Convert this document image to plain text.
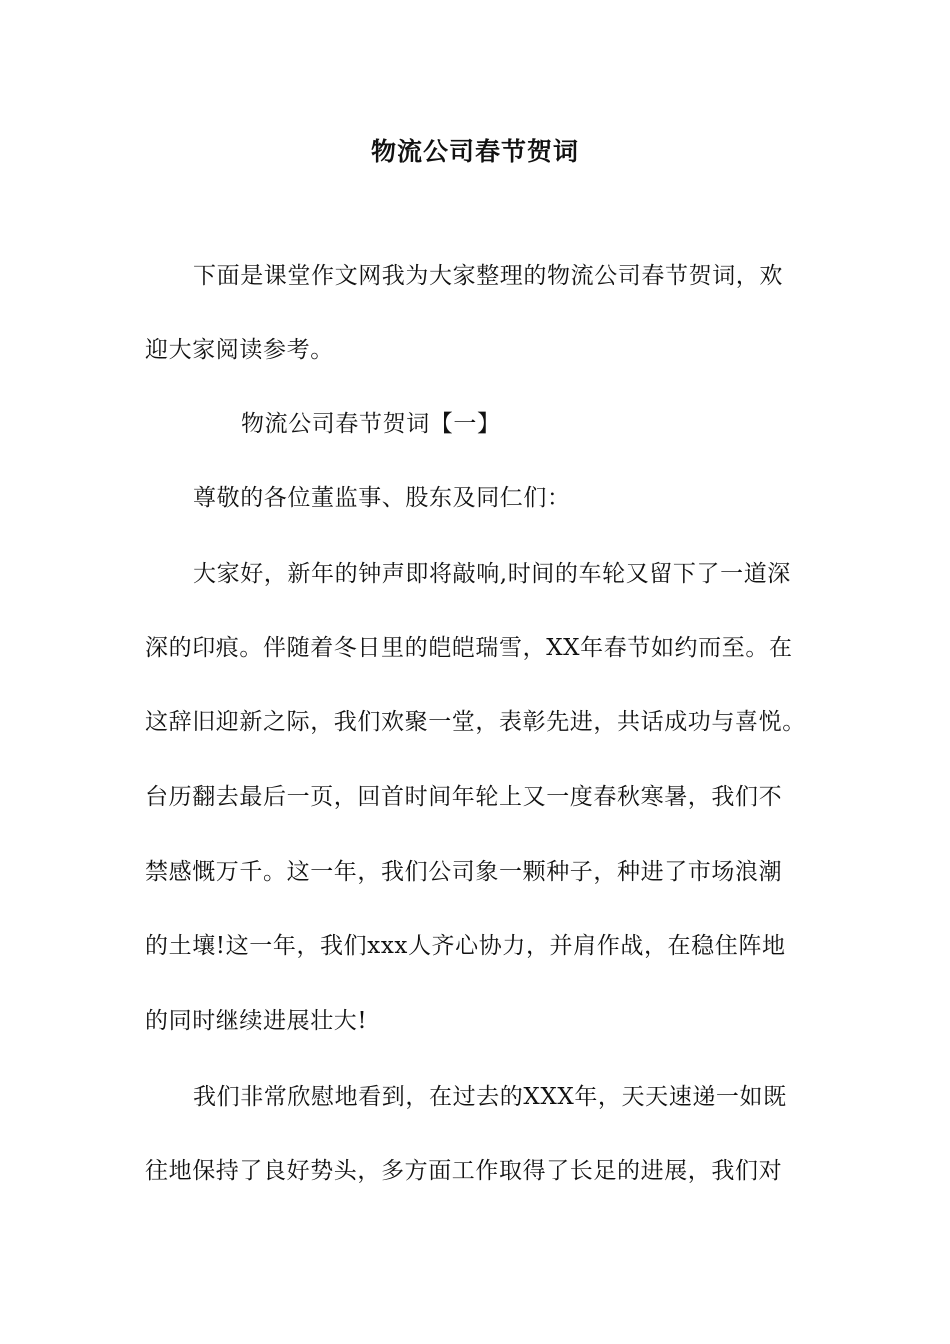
物流公司春节贺词
下面是课堂作文网我为大家整理的物流公司春节贺词，欢
迎大家阅读参考。
物流公司春节贺词【一】
尊敬的各位董监事、股东及同仁们：
大家好，新年的钟声即将敲响,时间的车轮又留下了一道深
深的印痕。伴随着冬日里的皑皑瑞雪，XX年春节如约而至。在
这辞旧迎新之际，我们欢聚一堂，表彰先进，共话成功与喜悦。
台历翻去最后一页，回首时间年轮上又一度春秋寒暑，我们不
禁感慨万千。这一年，我们公司象一颗种子，种进了市场浪潮
的土壤!这一年，我们xxx人齐心协力，并肩作战，在稳住阵地
的同时继续进展壮大!
我们非常欣慰地看到，在过去的XXX年，天天速递一如既
往地保持了良好势头，多方面工作取得了长足的进展，我们对
